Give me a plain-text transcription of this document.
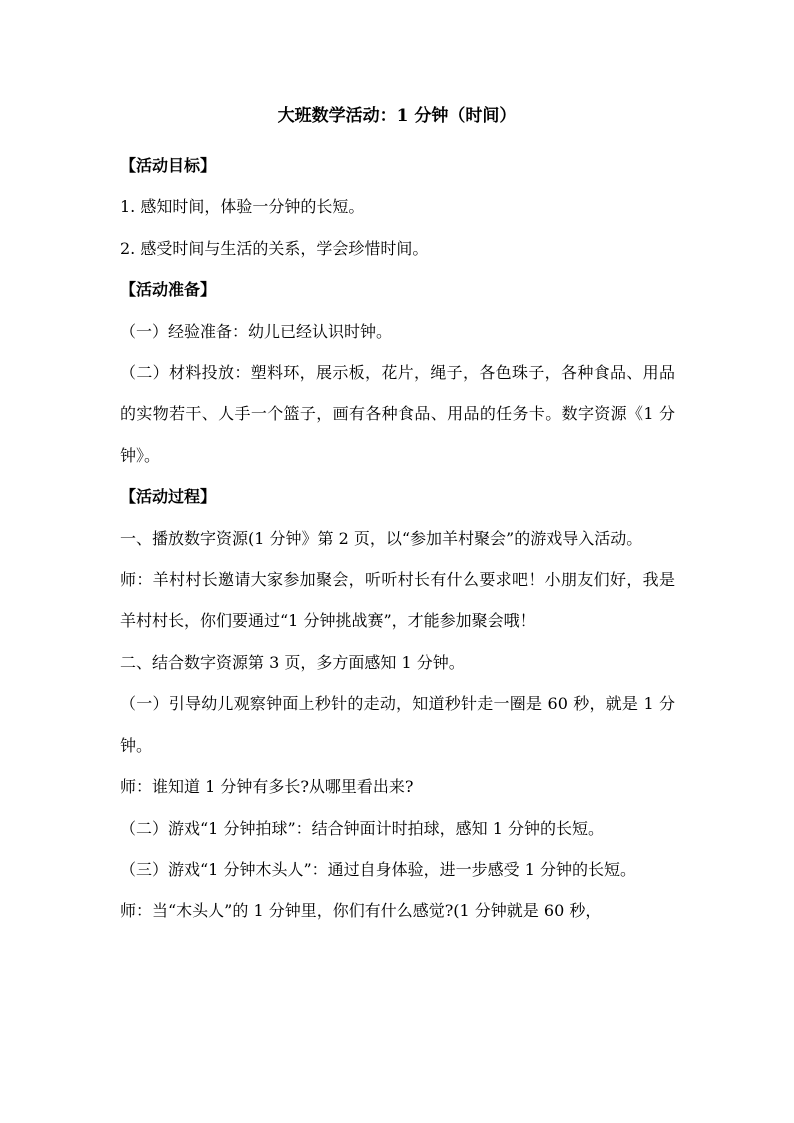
大班数学活动：1 分钟（时间）

【活动目标】

1. 感知时间，体验一分钟的长短。

2. 感受时间与生活的关系，学会珍惜时间。

【活动准备】

（一）经验准备：幼儿已经认识时钟。

（二）材料投放：塑料环，展示板，花片，绳子，各色珠子，各种食品、用品的实物若干、人手一个篮子，画有各种食品、用品的任务卡。数字资源《1 分钟》。

【活动过程】

一、播放数字资源(1 分钟》第 2 页，以“参加羊村聚会”的游戏导入活动。

师：羊村村长邀请大家参加聚会，听听村长有什么要求吧！小朋友们好，我是羊村村长，你们要通过“1 分钟挑战赛”，才能参加聚会哦！

二、结合数字资源第 3 页，多方面感知 1 分钟。

（一）引导幼儿观察钟面上秒针的走动，知道秒针走一圈是 60 秒，就是 1 分钟。

师：谁知道 1 分钟有多长?从哪里看出来?

（二）游戏“1 分钟拍球”：结合钟面计时拍球，感知 1 分钟的长短。

（三）游戏“1 分钟木头人”：通过自身体验，进一步感受 1 分钟的长短。

师：当“木头人”的 1 分钟里，你们有什么感觉?(1 分钟就是 60 秒，
